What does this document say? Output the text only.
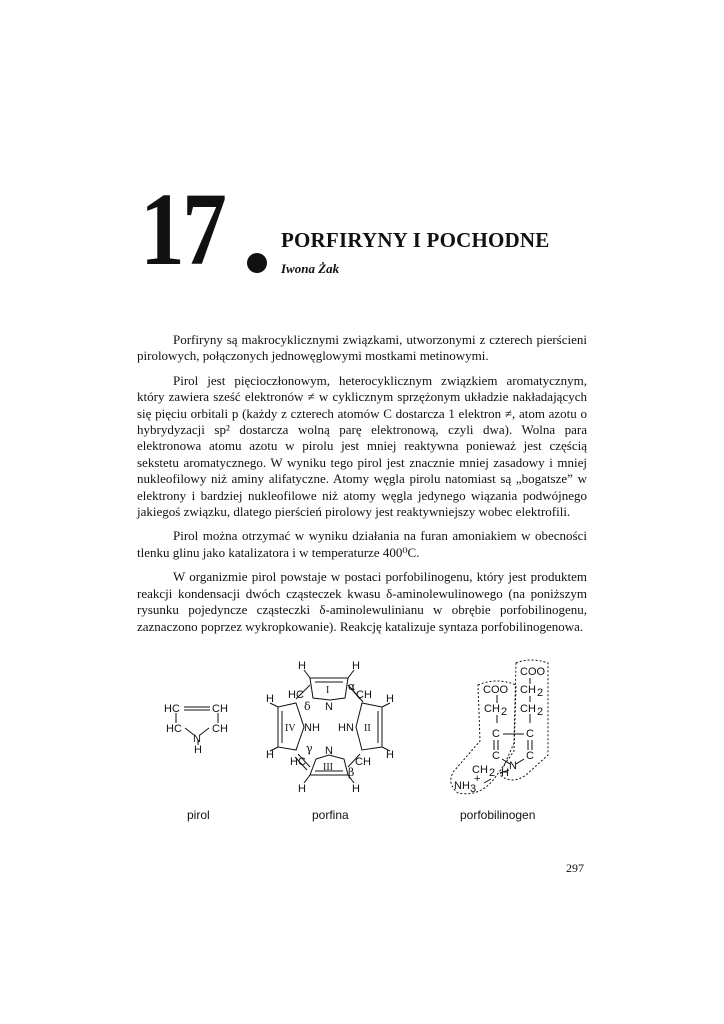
17	PORFIRYNY I POCHODNE
Iwona Żak

Porfiryny są makrocyklicznymi związkami, utworzonymi z czterech pierścieni pirolowych, połączonych jednowęglowymi mostkami metinowymi.

Pirol jest pięcioczłonowym, heterocyklicznym związkiem aromatycznym, który zawiera sześć elektronów ≠ w cyklicznym sprzężonym układzie nakładających się pięciu orbitali p (każdy z czterech atomów C dostarcza 1 elektron ≠, atom azotu o hybrydyzacji sp² dostarcza wolną parę elektronową, czyli dwa). Wolna para elektronowa atomu azotu w pirolu jest mniej reaktywna ponieważ jest częścią sekstetu aromatycznego. W wyniku tego pirol jest znacznie mniej zasadowy i mniej nukleofilowy niż aminy alifatyczne. Atomy węgla pirolu natomiast są „bogatsze” w elektrony i bardziej nukleofilowe niż atomy węgla jedynego wiązania podwójnego jakiegoś związku, dlatego pierścień pirolowy jest reaktywniejszy wobec elektrofili.

Pirol można otrzymać w wyniku działania na furan amoniakiem w obecności tlenku glinu jako katalizatora i w temperaturze 400⁰C.

W organizmie pirol powstaje w postaci porfobilinogenu, który jest produktem reakcji kondensacji dwóch cząsteczek kwasu δ-aminolewulinowego (na poniższym rysunku pojedyncze cząsteczki δ-aminolewulinianu w obrębie porfobilinogenu, zaznaczono poprzez wykropkowanie). Reakcję katalizuje syntaza porfobilinogenowa.

HC	CH
HC	CH
N
H
H	H
HC I α
CH
N
δ
H	H
IV NH HN II
γ
H	H
N
HC	CH
III β
H	H
COO
CH 2
COO
CH 2
CH 2
C C
C C
N
H
CH 2
NH 3
+
pirol	porfina	porfobilinogen
297
